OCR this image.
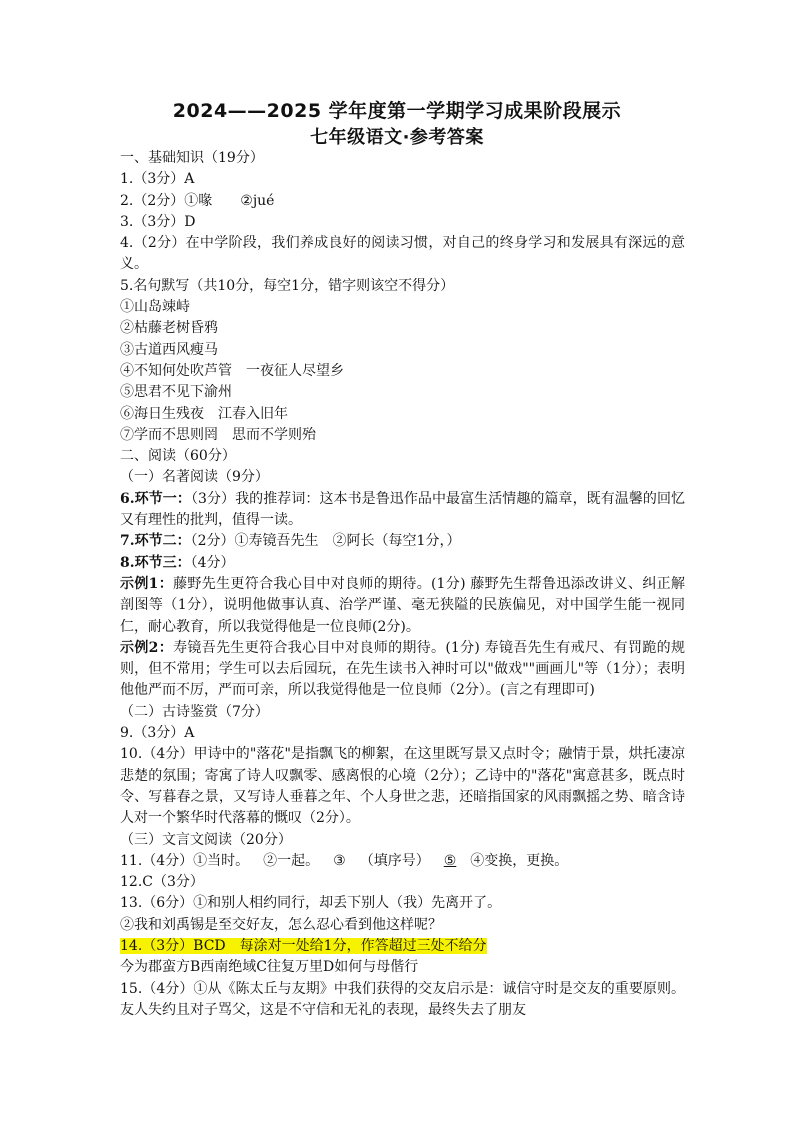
2024——2025 学年度第一学期学习成果阶段展示
七年级语文·参考答案
一、基础知识（19分）
1.（3分）A
2.（2分）①喙 ②jué
3.（3分）D
4.（2分）在中学阶段，我们养成良好的阅读习惯，对自己的终身学习和发展具有深远的意义。
5.名句默写（共10分，每空1分，错字则该空不得分）
①山岛竦峙
②枯藤老树昏鸦
③古道西风瘦马
④不知何处吹芦管　一夜征人尽望乡
⑤思君不见下渝州
⑥海日生残夜　江春入旧年
⑦学而不思则罔　思而不学则殆
二、阅读（60分）
（一）名著阅读（9分）
6.环节一：（3分）我的推荐词：这本书是鲁迅作品中最富生活情趣的篇章，既有温馨的回忆又有理性的批判，值得一读。
7.环节二：（2分）①寿镜吾先生　②阿长（每空1分，）
8.环节三：（4分）
示例1：藤野先生更符合我心目中对良师的期待。(1分) 藤野先生帮鲁迅添改讲义、纠正解剖图等（1分），说明他做事认真、治学严谨、毫无狭隘的民族偏见，对中国学生能一视同仁，耐心教育，所以我觉得他是一位良师(2分)。
示例2：寿镜吾先生更符合我心目中对良师的期待。(1分) 寿镜吾先生有戒尺、有罚跪的规则，但不常用；学生可以去后园玩，在先生读书入神时可以"做戏""画画儿"等（1分）；表明他他严而不厉，严而可亲，所以我觉得他是一位良师（2分）。(言之有理即可)
（二）古诗鉴赏（7分）
9.（3分）A
10.（4分）甲诗中的"落花"是指飘飞的柳絮，在这里既写景又点时令；融情于景，烘托凄凉悲楚的氛围；寄寓了诗人叹飘零、感离恨的心境（2分）；乙诗中的"落花"寓意甚多，既点时令、写暮春之景，又写诗人垂暮之年、个人身世之悲，还暗指国家的风雨飘摇之势、暗含诗人对一个繁华时代落幕的慨叹（2分）。
（三）文言文阅读（20分）
11.（4分）①当时。 ②一起。 ③ （填序号） ⑤ ④变换，更换。
12.C（3分）
13.（6分）①和别人相约同行，却丢下别人（我）先离开了。
②我和刘禹锡是至交好友，怎么忍心看到他这样呢？
14.（3分）BCD　每涂对一处给1分，作答超过三处不给分
今为郡蛮方B西南绝域C往复万里D如何与母偕行
15.（4分）①从《陈太丘与友期》中我们获得的交友启示是：诚信守时是交友的重要原则。友人失约且对子骂父，这是不守信和无礼的表现，最终失去了朋友
